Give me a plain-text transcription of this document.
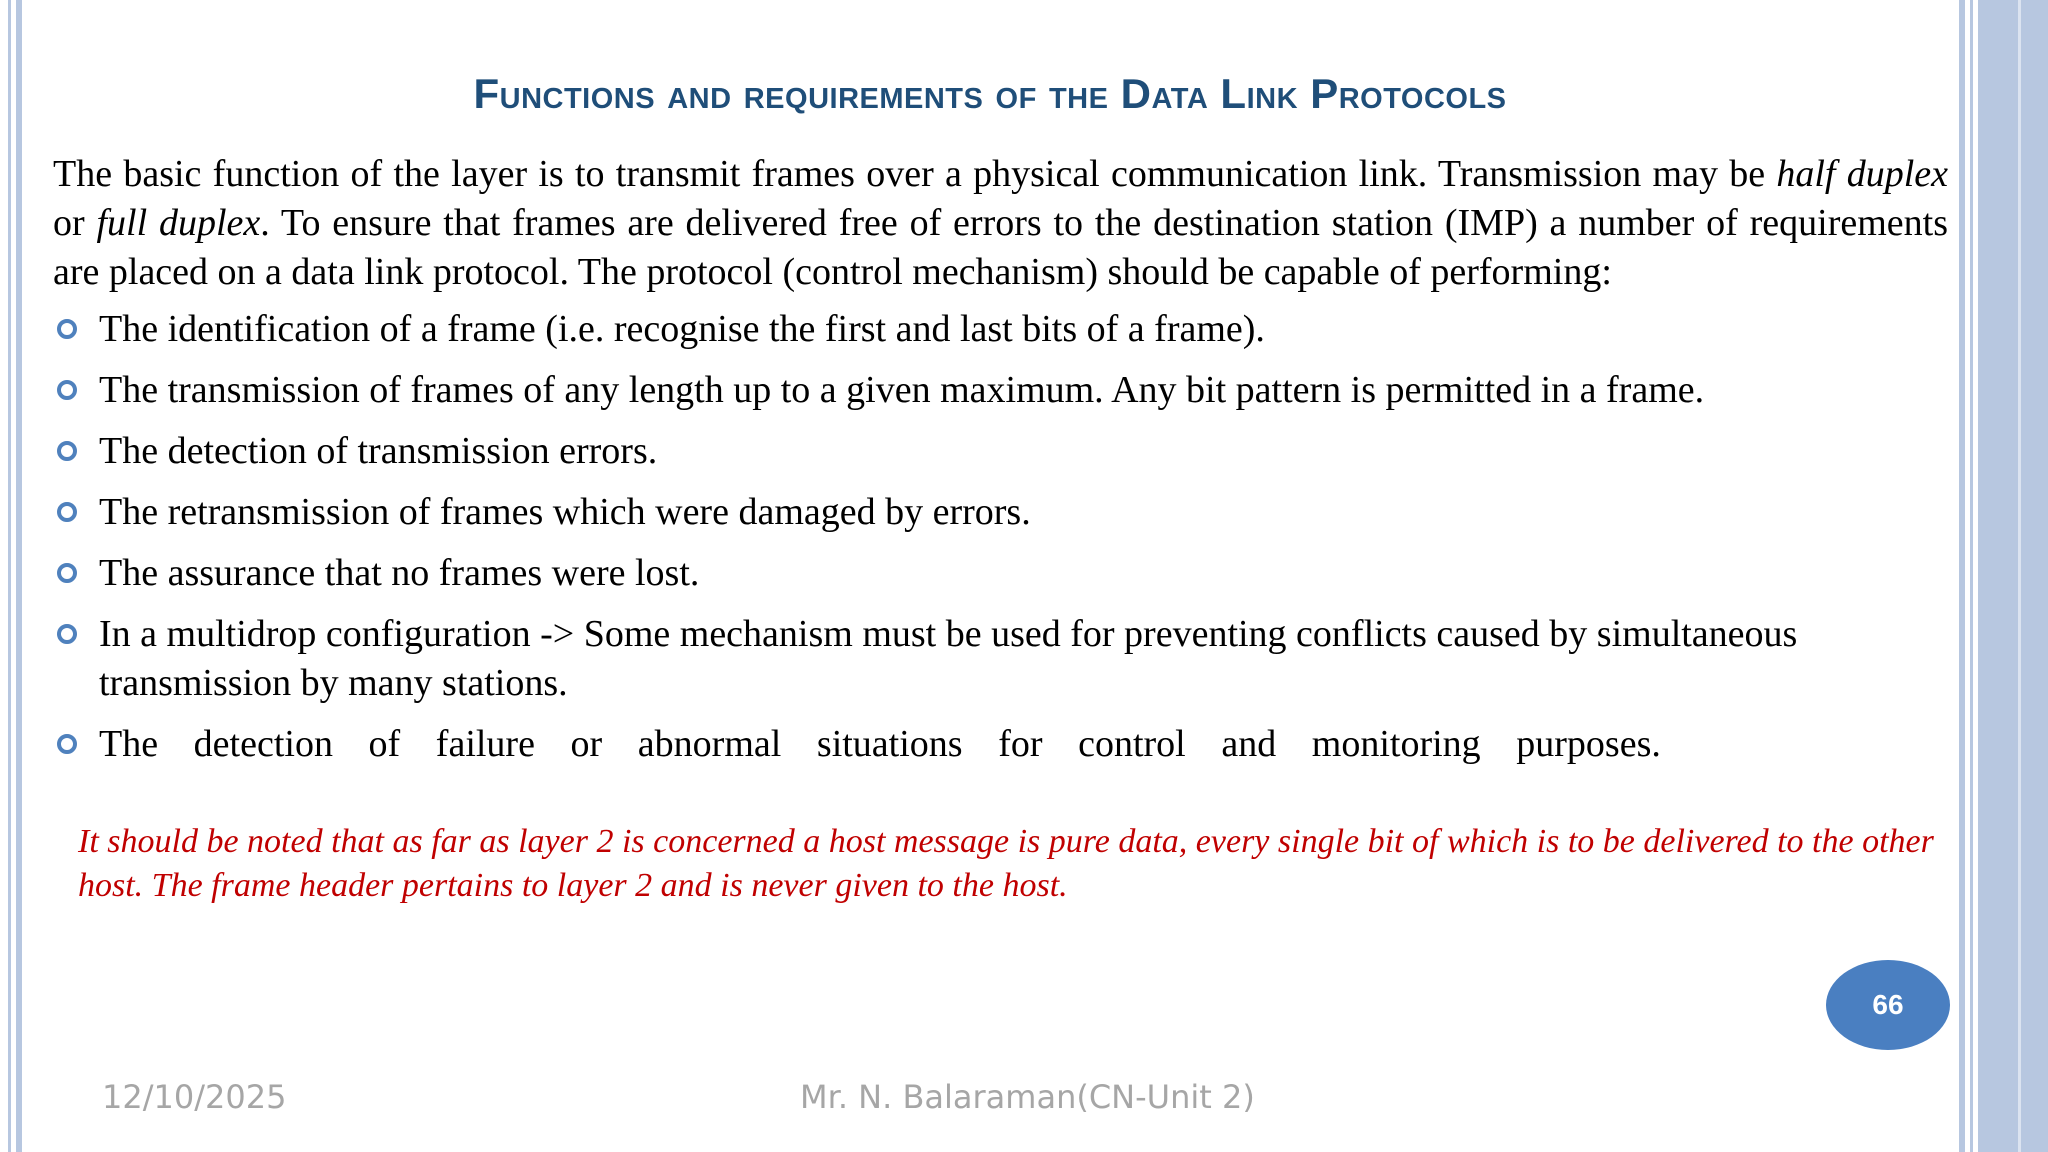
Functions and requirements of the Data Link Protocols
The basic function of the layer is to transmit frames over a physical communication link. Transmission may be half duplex or full duplex. To ensure that frames are delivered free of errors to the destination station (IMP) a number of requirements are placed on a data link protocol. The protocol (control mechanism) should be capable of performing:
The identification of a frame (i.e. recognise the first and last bits of a frame).
The transmission of frames of any length up to a given maximum. Any bit pattern is permitted in a frame.
The detection of transmission errors.
The retransmission of frames which were damaged by errors.
The assurance that no frames were lost.
In a multidrop configuration -> Some mechanism must be used for preventing conflicts caused by simultaneous transmission by many stations.
The detection of failure or abnormal situations for control and monitoring purposes.
It should be noted that as far as layer 2 is concerned a host message is pure data, every single bit of which is to be delivered to the other host. The frame header pertains to layer 2 and is never given to the host.
66
12/10/2025	Mr. N. Balaraman(CN-Unit 2)
